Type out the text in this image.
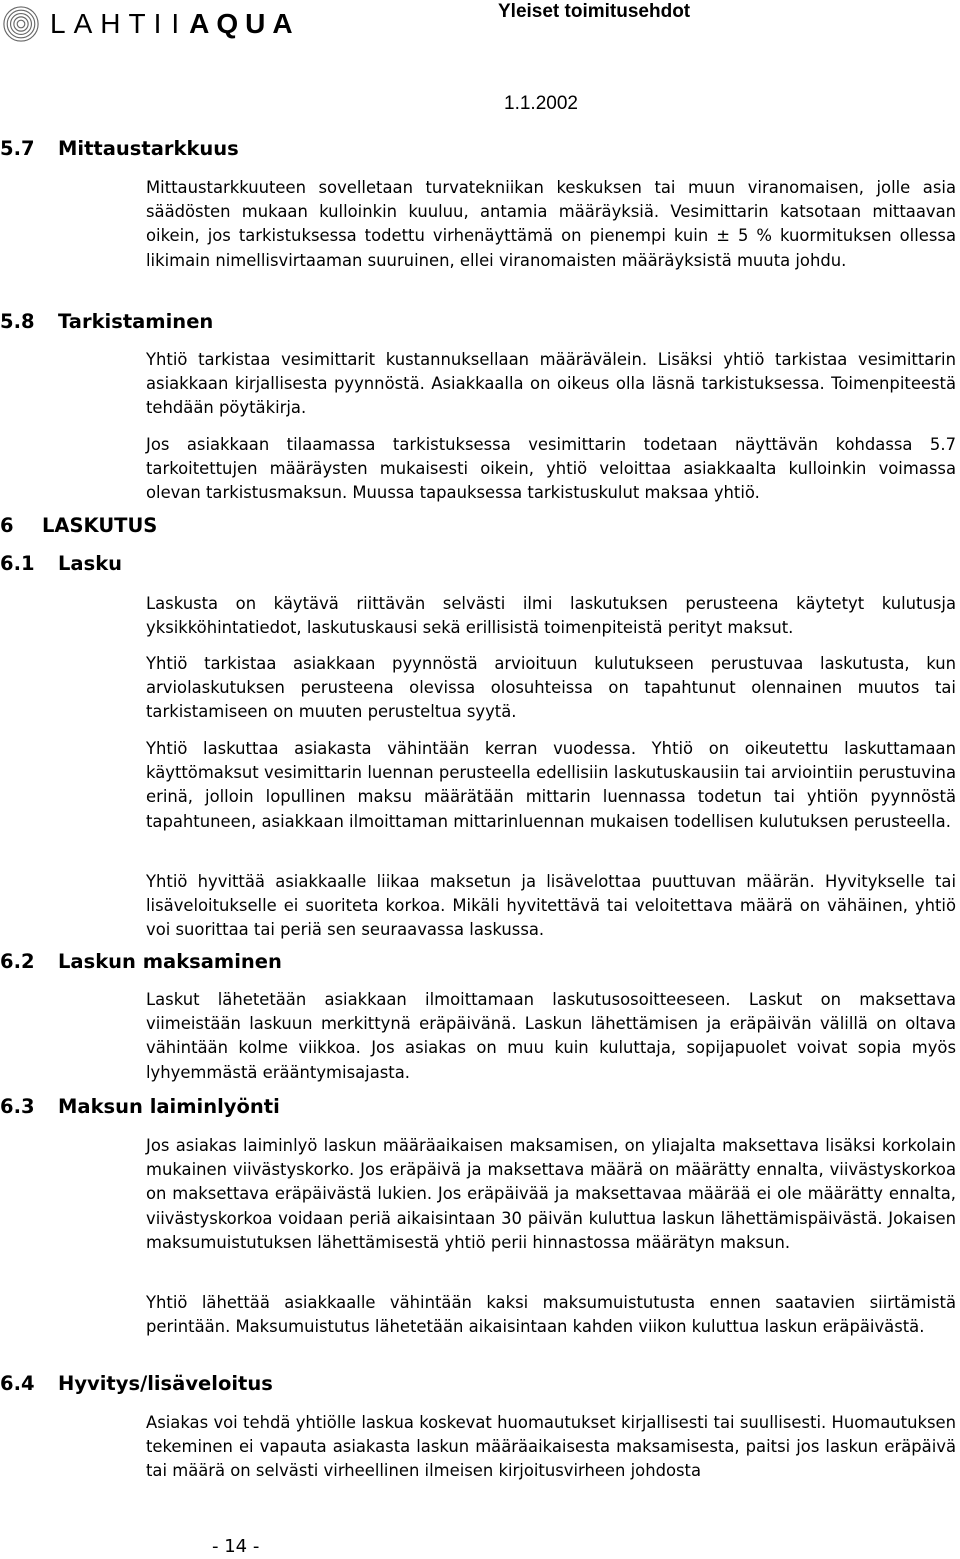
LAHTIIAQUA	Yleiset toimitusehdot
1.1.2002
5.7 Mittaustarkkuus
5.8 Tarkistaminen
6 LASKUTUS
6.1 Lasku
6.2 Laskun maksaminen
6.3 Maksun laiminlyönti
6.4 Hyvitys/lisäveloitus

Mittaustarkkuuteen sovelletaan turvatekniikan keskuksen tai muun viranomaisen, jolle asia säädösten mukaan kulloinkin kuuluu, antamia määräyksiä. Vesimittarin katsotaan mittaavan oikein, jos tarkistuksessa todettu virhenäyttämä on pienempi kuin ± 5 % kuormituksen ollessa likimain nimellisvirtaaman suuruinen, ellei viranomaisten määräyksistä muuta johdu.

Yhtiö tarkistaa vesimittarit kustannuksellaan määrävälein. Lisäksi yhtiö tarkistaa vesimittarin asiakkaan kirjallisesta pyynnöstä. Asiakkaalla on oikeus olla läsnä tarkistuksessa. Toimenpiteestä tehdään pöytäkirja.

Jos asiakkaan tilaamassa tarkistuksessa vesimittarin todetaan näyttävän kohdassa 5.7 tarkoitettujen määräysten mukaisesti oikein, yhtiö veloittaa asiakkaalta kulloinkin voimassa olevan tarkistusmaksun. Muussa tapauksessa tarkistuskulut maksaa yhtiö.

Laskusta on käytävä riittävän selvästi ilmi laskutuksen perusteena käytetyt kulutusja yksikköhintatiedot, laskutuskausi sekä erillisistä toimenpiteistä perityt maksut.

Yhtiö tarkistaa asiakkaan pyynnöstä arvioituun kulutukseen perustuvaa laskutusta, kun arviolaskutuksen perusteena olevissa olosuhteissa on tapahtunut olennainen muutos tai tarkistamiseen on muuten perusteltua syytä.

Yhtiö laskuttaa asiakasta vähintään kerran vuodessa. Yhtiö on oikeutettu laskuttamaan käyttömaksut vesimittarin luennan perusteella edellisiin laskutuskausiin tai arviointiin perustuvina erinä, jolloin lopullinen maksu määrätään mittarin luennassa todetun tai yhtiön pyynnöstä tapahtuneen, asiakkaan ilmoittaman mittarinluennan mukaisen todellisen kulutuksen perusteella.

Yhtiö hyvittää asiakkaalle liikaa maksetun ja lisävelottaa puuttuvan määrän. Hyvitykselle tai lisäveloitukselle ei suoriteta korkoa. Mikäli hyvitettävä tai veloitettava määrä on vähäinen, yhtiö voi suorittaa tai periä sen seuraavassa laskussa.

Laskut lähetetään asiakkaan ilmoittamaan laskutusosoitteeseen. Laskut on maksettava viimeistään laskuun merkittynä eräpäivänä. Laskun lähettämisen ja eräpäivän välillä on oltava vähintään kolme viikkoa. Jos asiakas on muu kuin kuluttaja, sopijapuolet voivat sopia myös lyhyemmästä erääntymisajasta.

Jos asiakas laiminlyö laskun määräaikaisen maksamisen, on yliajalta maksettava lisäksi korkolain mukainen viivästyskorko. Jos eräpäivä ja maksettava määrä on määrätty ennalta, viivästyskorkoa on maksettava eräpäivästä lukien. Jos eräpäivää ja maksettavaa määrää ei ole määrätty ennalta, viivästyskorkoa voidaan periä aikaisintaan 30 päivän kuluttua laskun lähettämispäivästä. Jokaisen maksumuistutuksen lähettämisestä yhtiö perii hinnastossa määrätyn maksun.

Yhtiö lähettää asiakkaalle vähintään kaksi maksumuistutusta ennen saatavien siirtämistä perintään. Maksumuistutus lähetetään aikaisintaan kahden viikon kuluttua laskun eräpäivästä.

Asiakas voi tehdä yhtiölle laskua koskevat huomautukset kirjallisesti tai suullisesti. Huomautuksen tekeminen ei vapauta asiakasta laskun määräaikaisesta maksamisesta, paitsi jos laskun eräpäivä tai määrä on selvästi virheellinen ilmeisen kirjoitusvirheen johdosta

- 14 -
